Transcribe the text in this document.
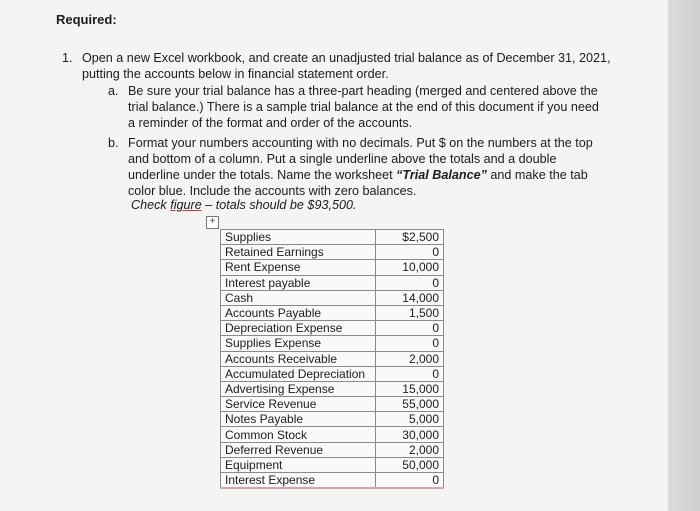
Required:
1. Open a new Excel workbook, and create an unadjusted trial balance as of December 31, 2021, putting the accounts below in financial statement order.
a. Be sure your trial balance has a three-part heading (merged and centered above the trial balance.) There is a sample trial balance at the end of this document if you need a reminder of the format and order of the accounts.
b. Format your numbers accounting with no decimals. Put $ on the numbers at the top and bottom of a column. Put a single underline above the totals and a double underline under the totals. Name the worksheet “Trial Balance” and make the tab color blue. Include the accounts with zero balances.
Check figure – totals should be $93,500.
+
Supplies	$2,500
Retained Earnings	0
Rent Expense	10,000
Interest payable	0
Cash	14,000
Accounts Payable	1,500
Depreciation Expense	0
Supplies Expense	0
Accounts Receivable	2,000
Accumulated Depreciation	0
Advertising Expense	15,000
Service Revenue	55,000
Notes Payable	5,000
Common Stock	30,000
Deferred Revenue	2,000
Equipment	50,000
Interest Expense	0
